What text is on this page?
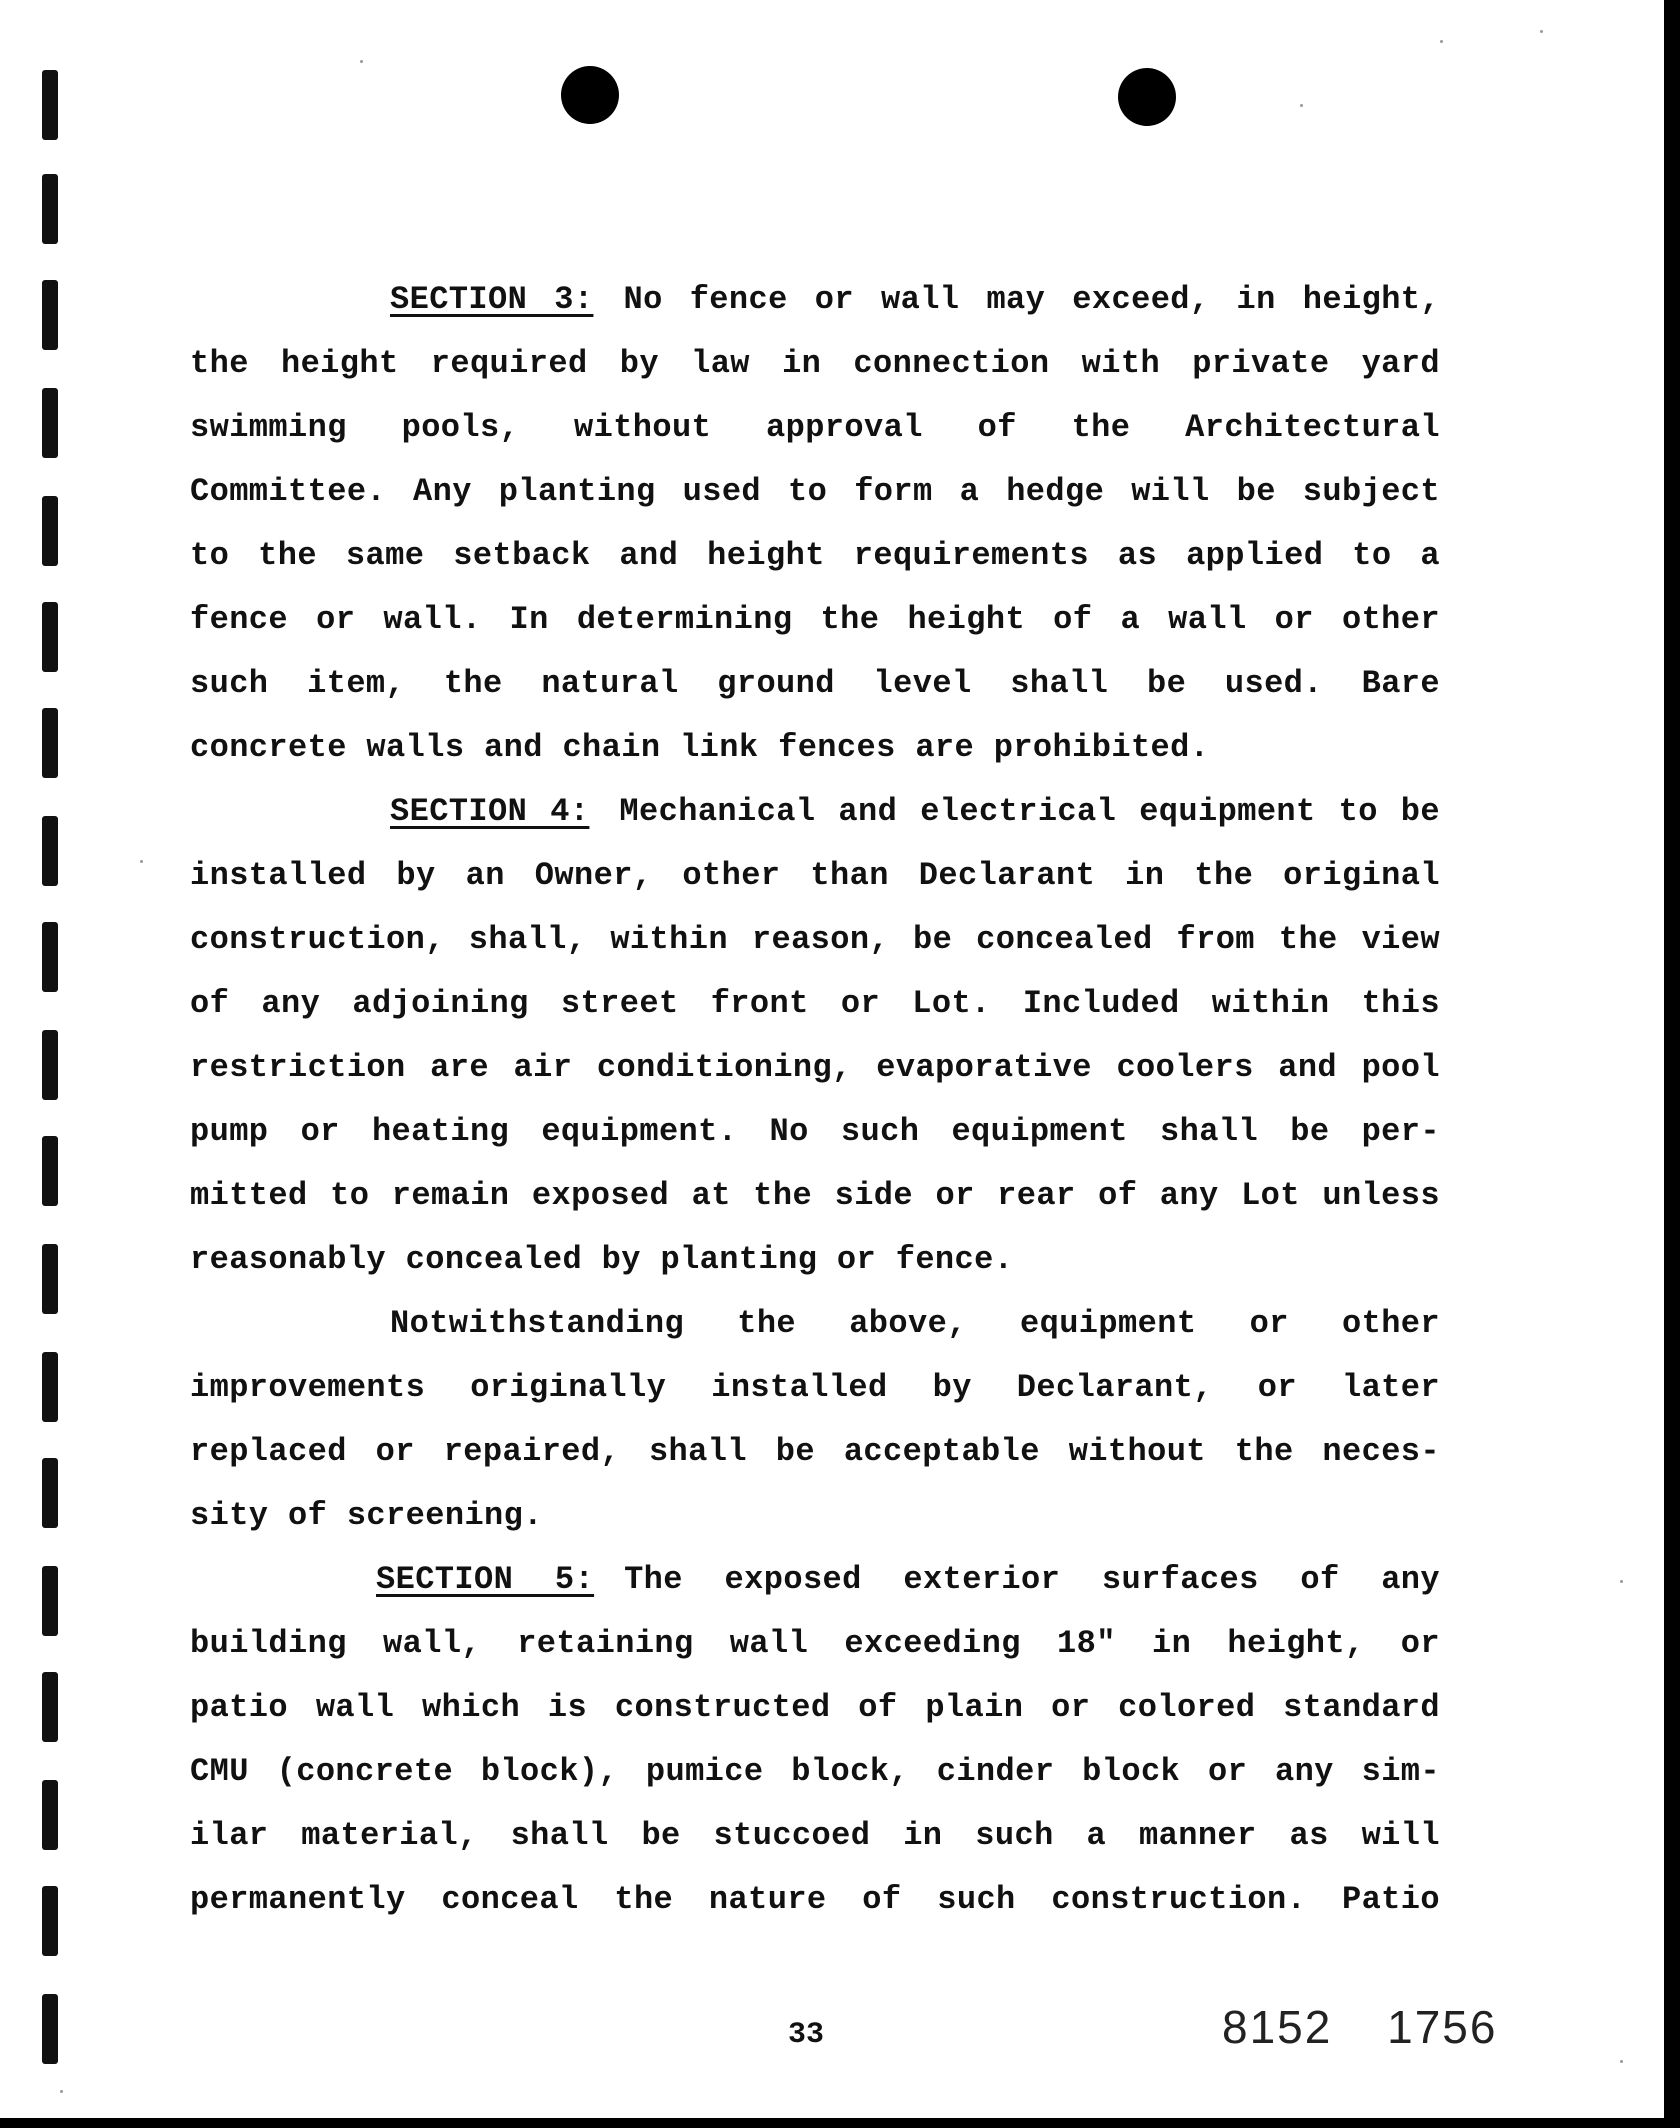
SECTION 3: No fence or wall may exceed, in height,
the height required by law in connection with private yard
swimming pools, without approval of the Architectural
Committee. Any planting used to form a hedge will be subject
to the same setback and height requirements as applied to a
fence or wall. In determining the height of a wall or other
such item, the natural ground level shall be used. Bare
concrete walls and chain link fences are prohibited.
SECTION 4: Mechanical and electrical equipment to be
installed by an Owner, other than Declarant in the original
construction, shall, within reason, be concealed from the view
of any adjoining street front or Lot. Included within this
restriction are air conditioning, evaporative coolers and pool
pump or heating equipment. No such equipment shall be per-
mitted to remain exposed at the side or rear of any Lot unless
reasonably concealed by planting or fence.
Notwithstanding the above, equipment or other
improvements originally installed by Declarant, or later
replaced or repaired, shall be acceptable without the neces-
sity of screening.
SECTION 5: The exposed exterior surfaces of any
building wall, retaining wall exceeding 18" in height, or
patio wall which is constructed of plain or colored standard
CMU (concrete block), pumice block, cinder block or any sim-
ilar material, shall be stuccoed in such a manner as will
permanently conceal the nature of such construction. Patio
33	8152 1756
